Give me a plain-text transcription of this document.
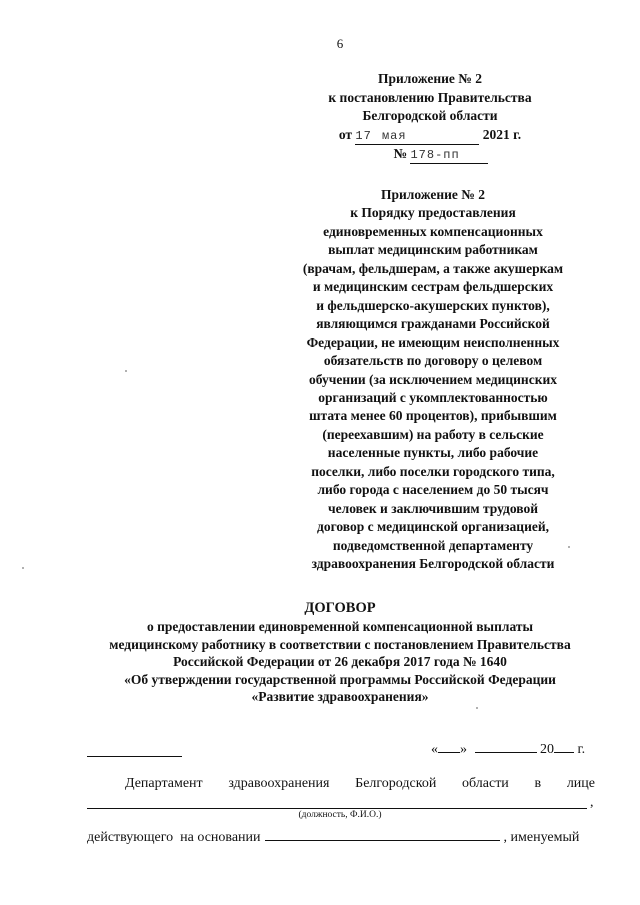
6
Приложение № 2
к постановлению Правительства
Белгородской области
от 17 мая	2021 г.
№ 178-пп
Приложение № 2
к Порядку предоставления
единовременных компенсационных
выплат медицинским работникам
(врачам, фельдшерам, а также акушеркам
и медицинским сестрам фельдшерских
и фельдшерско-акушерских пунктов),
являющимся гражданами Российской
Федерации, не имеющим неисполненных
обязательств по договору о целевом
обучении (за исключением медицинских
организаций с укомплектованностью
штата менее 60 процентов), прибывшим
(переехавшим) на работу в сельские
населенные пункты, либо рабочие
поселки, либо поселки городского типа,
либо города с населением до 50 тысяч
человек и заключившим трудовой
договор с медицинской организацией,
подведомственной департаменту
здравоохранения Белгородской области
ДОГОВОР
о предоставлении единовременной компенсационной выплаты
медицинскому работнику в соответствии с постановлением Правительства
Российской Федерации от 26 декабря 2017 года № 1640
«Об утверждении государственной программы Российской Федерации
«Развитие здравоохранения»
« »	20 г.
Департамент здравоохранения Белгородской области в лице
,
(должность, Ф.И.О.)
действующего  на основании	, именуемый
